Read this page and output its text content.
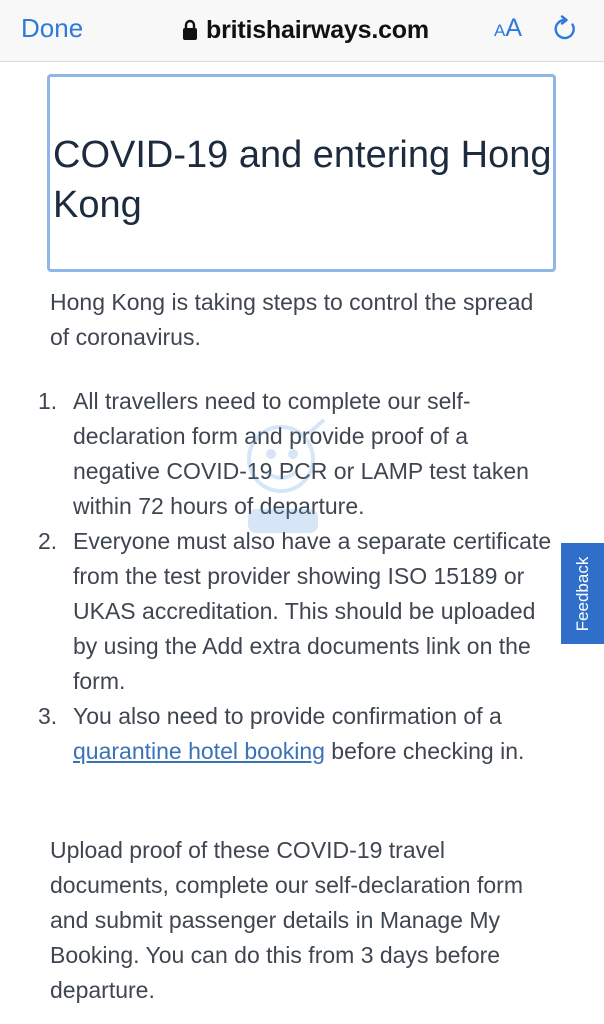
Done	britishairways.com	AA
COVID-19 and entering Hong Kong

Hong Kong is taking steps to control the spread of coronavirus.

1. All travellers need to complete our self-declaration form and provide proof of a negative COVID-19 PCR or LAMP test taken within 72 hours of departure.
2. Everyone must also have a separate certificate from the test provider showing ISO 15189 or UKAS accreditation. This should be uploaded by using the Add extra documents link on the form.
3. You also need to provide confirmation of a quarantine hotel booking before checking in.

Upload proof of these COVID-19 travel documents, complete our self-declaration form and submit passenger details in Manage My Booking. You can do this from 3 days before departure.

Feedback
